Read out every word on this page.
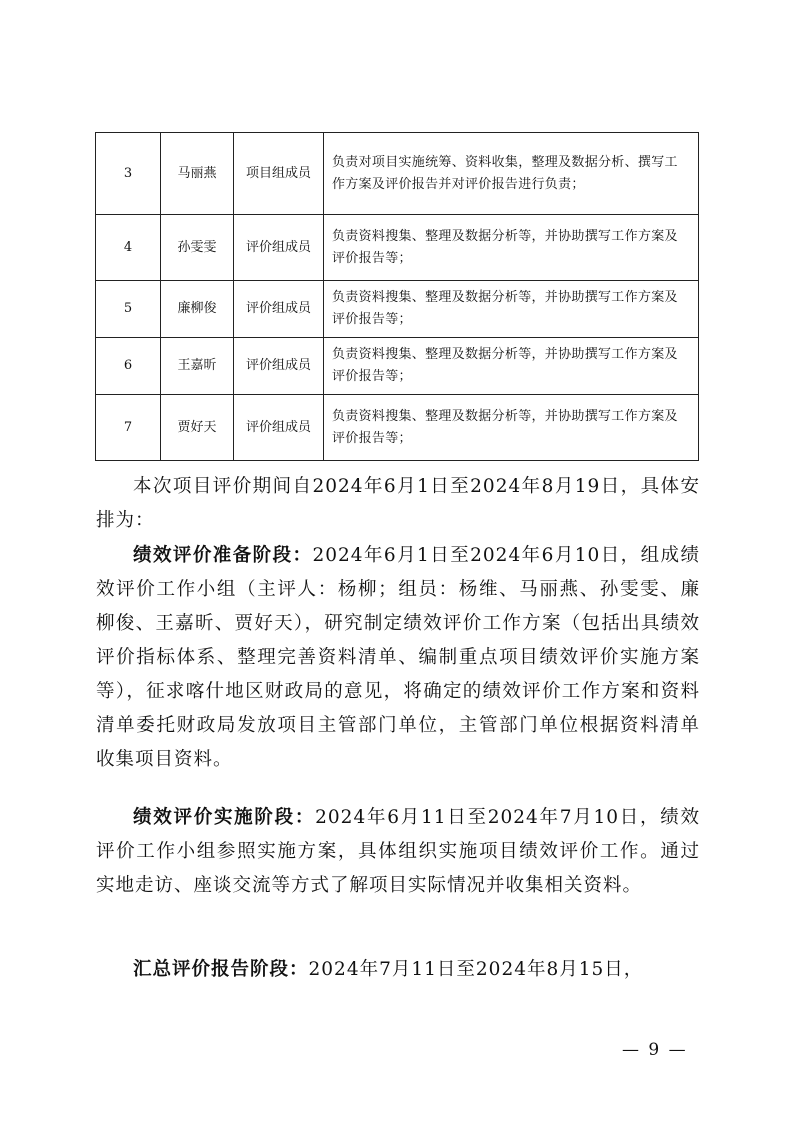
3	马丽燕	项目组成员	负责对项目实施统筹、资料收集，整理及数据分析、撰写工作方案及评价报告并对评价报告进行负责；
4	孙雯雯	评价组成员	负责资料搜集、整理及数据分析等，并协助撰写工作方案及评价报告等；
5	廉柳俊	评价组成员	负责资料搜集、整理及数据分析等，并协助撰写工作方案及评价报告等；
6	王嘉昕	评价组成员	负责资料搜集、整理及数据分析等，并协助撰写工作方案及评价报告等；
7	贾好天	评价组成员	负责资料搜集、整理及数据分析等，并协助撰写工作方案及评价报告等；

本次项目评价期间自2024年6月1日至2024年8月19日，具体安排为：

绩效评价准备阶段：2024年6月1日至2024年6月10日，组成绩效评价工作小组（主评人：杨柳；组员：杨维、马丽燕、孙雯雯、廉柳俊、王嘉昕、贾好天），研究制定绩效评价工作方案（包括出具绩效评价指标体系、整理完善资料清单、编制重点项目绩效评价实施方案等），征求喀什地区财政局的意见，将确定的绩效评价工作方案和资料清单委托财政局发放项目主管部门单位，主管部门单位根据资料清单收集项目资料。

绩效评价实施阶段：2024年6月11日至2024年7月10日，绩效评价工作小组参照实施方案，具体组织实施项目绩效评价工作。通过实地走访、座谈交流等方式了解项目实际情况并收集相关资料。

汇总评价报告阶段：2024年7月11日至2024年8月15日，

— 9 —
